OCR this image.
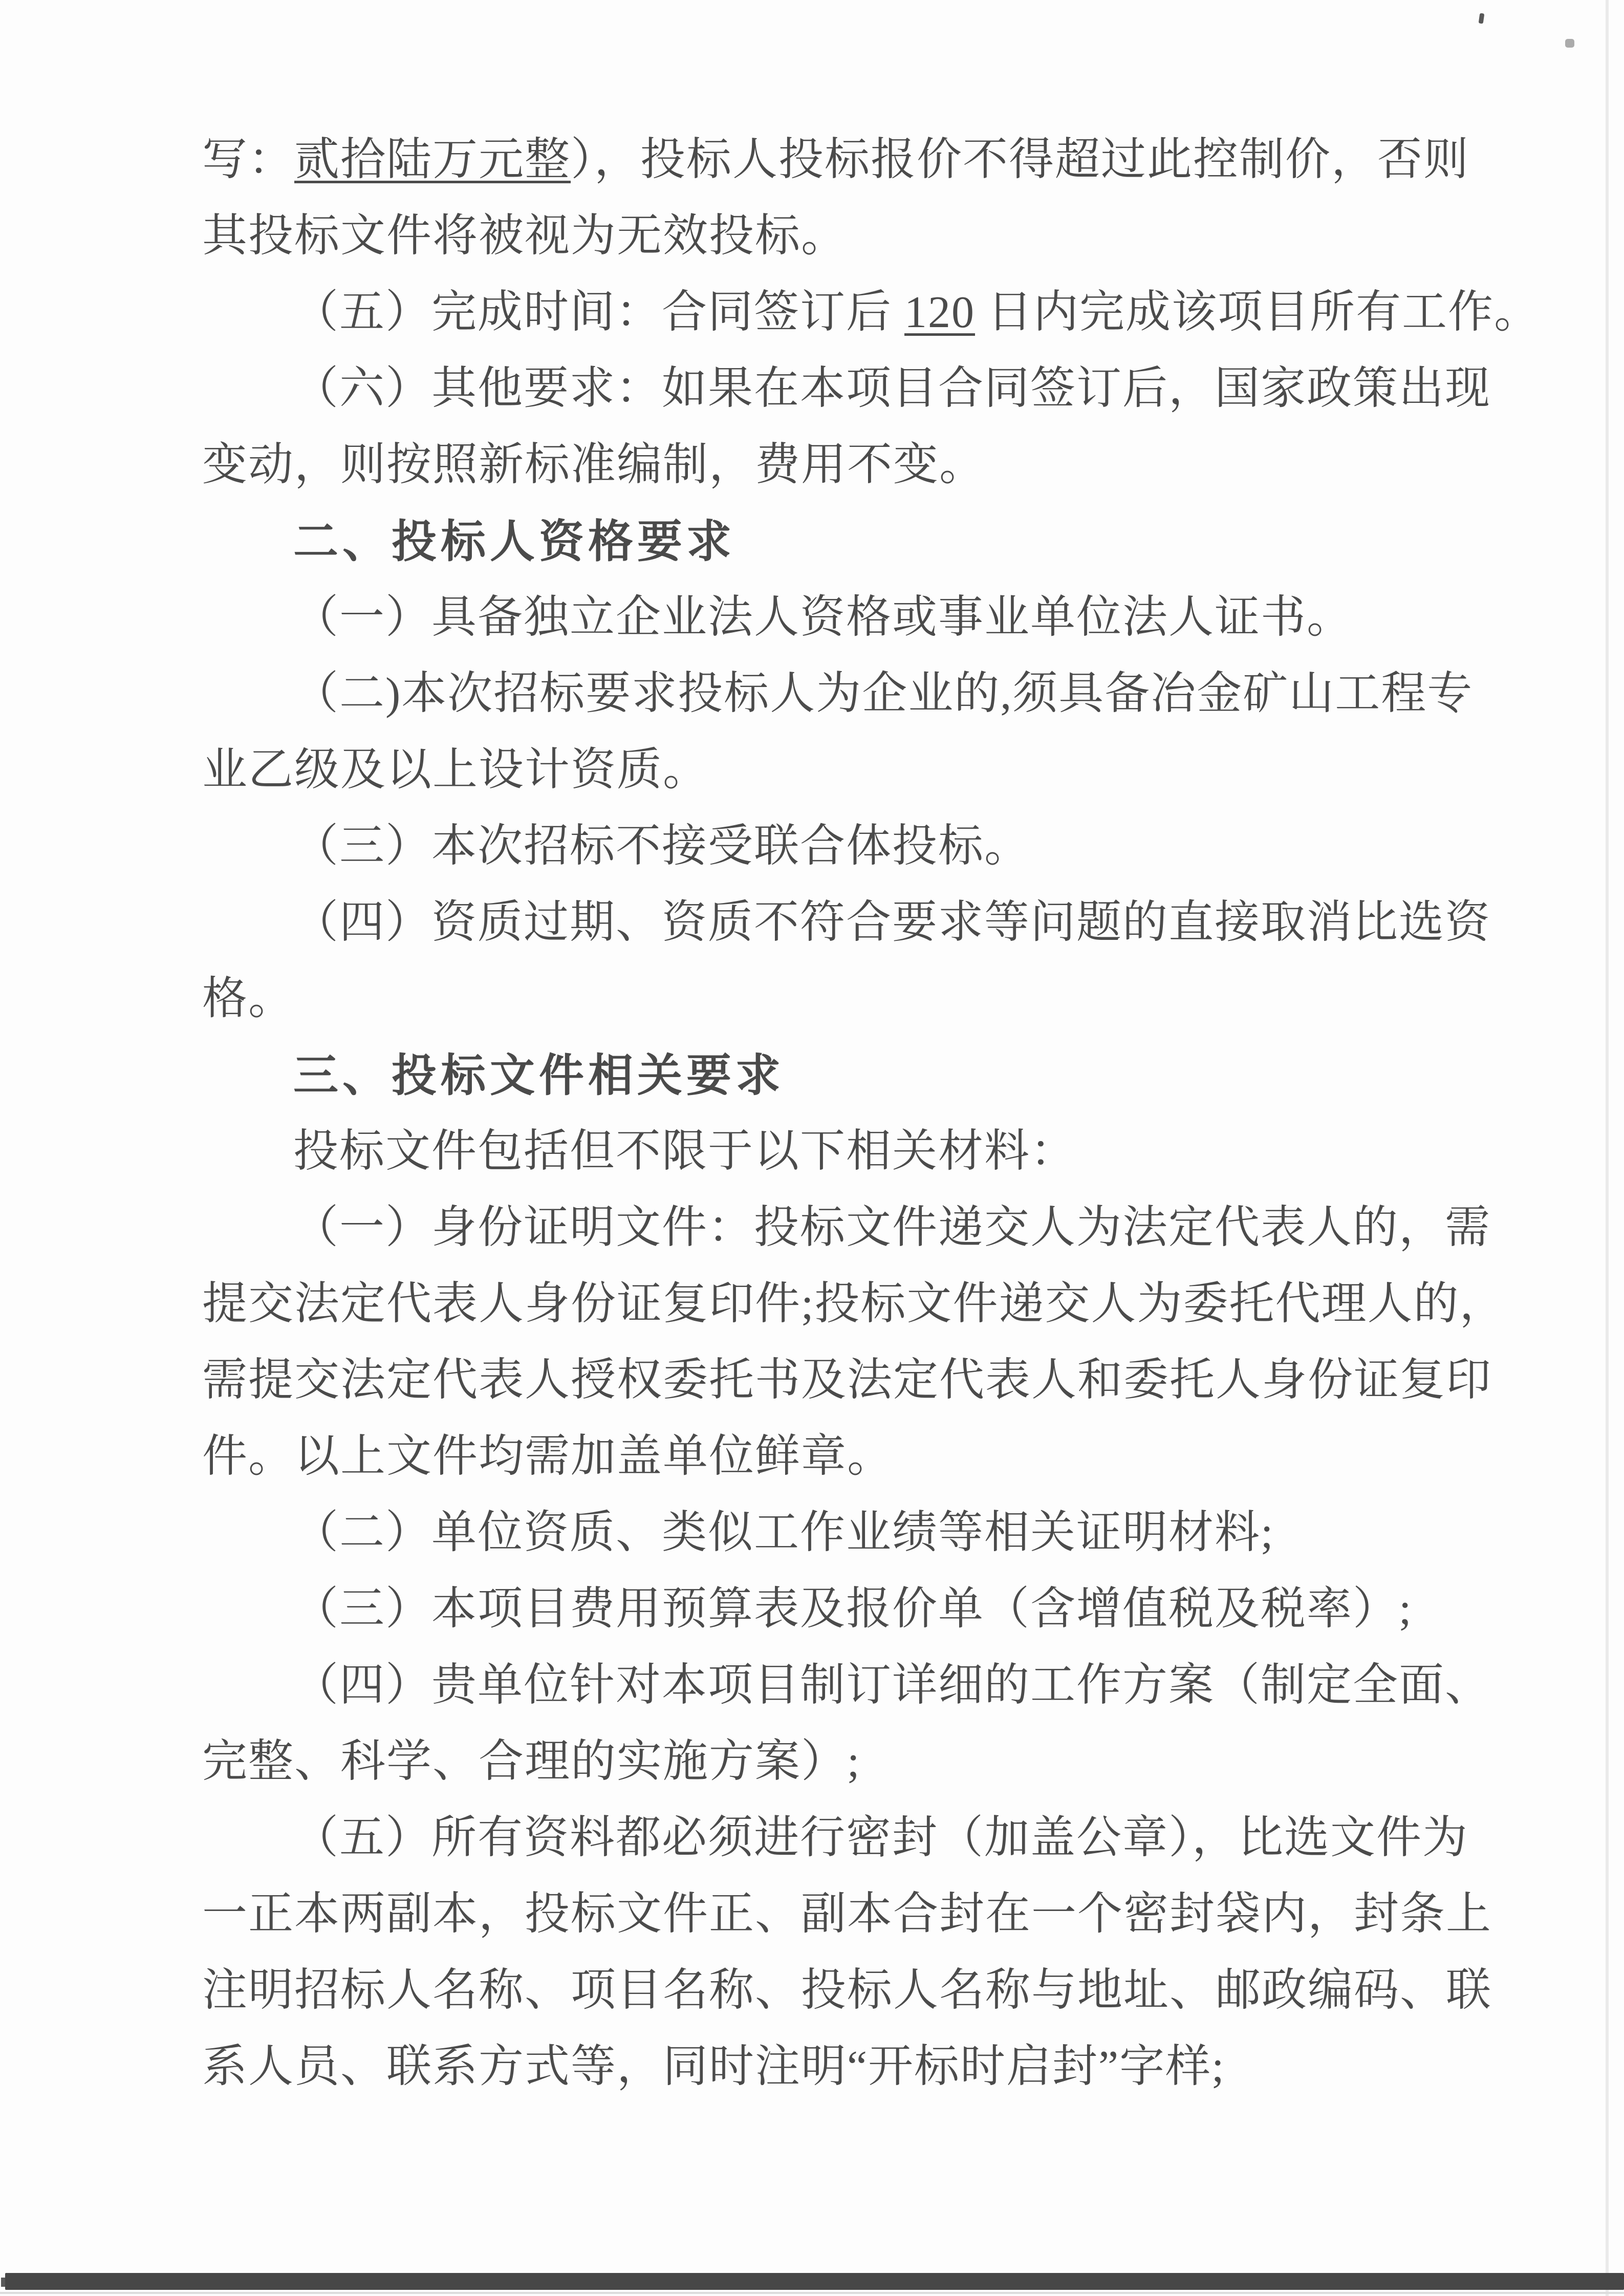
写：贰拾陆万元整），投标人投标报价不得超过此控制价，否则
其投标文件将被视为无效投标。
（五）完成时间：合同签订后 120 日内完成该项目所有工作。
（六）其他要求：如果在本项目合同签订后，国家政策出现
变动，则按照新标准编制，费用不变。
二、投标人资格要求
（一）具备独立企业法人资格或事业单位法人证书。
（二)本次招标要求投标人为企业的,须具备冶金矿山工程专
业乙级及以上设计资质。
（三）本次招标不接受联合体投标。
（四）资质过期、资质不符合要求等问题的直接取消比选资
格。
三、投标文件相关要求
投标文件包括但不限于以下相关材料：
（一）身份证明文件：投标文件递交人为法定代表人的，需
提交法定代表人身份证复印件;投标文件递交人为委托代理人的，
需提交法定代表人授权委托书及法定代表人和委托人身份证复印
件。以上文件均需加盖单位鲜章。
（二）单位资质、类似工作业绩等相关证明材料;
（三）本项目费用预算表及报价单（含增值税及税率）;
（四）贵单位针对本项目制订详细的工作方案（制定全面、
完整、科学、合理的实施方案）;
（五）所有资料都必须进行密封（加盖公章），比选文件为
一正本两副本，投标文件正、副本合封在一个密封袋内，封条上
注明招标人名称、项目名称、投标人名称与地址、邮政编码、联
系人员、联系方式等，同时注明“开标时启封”字样;
